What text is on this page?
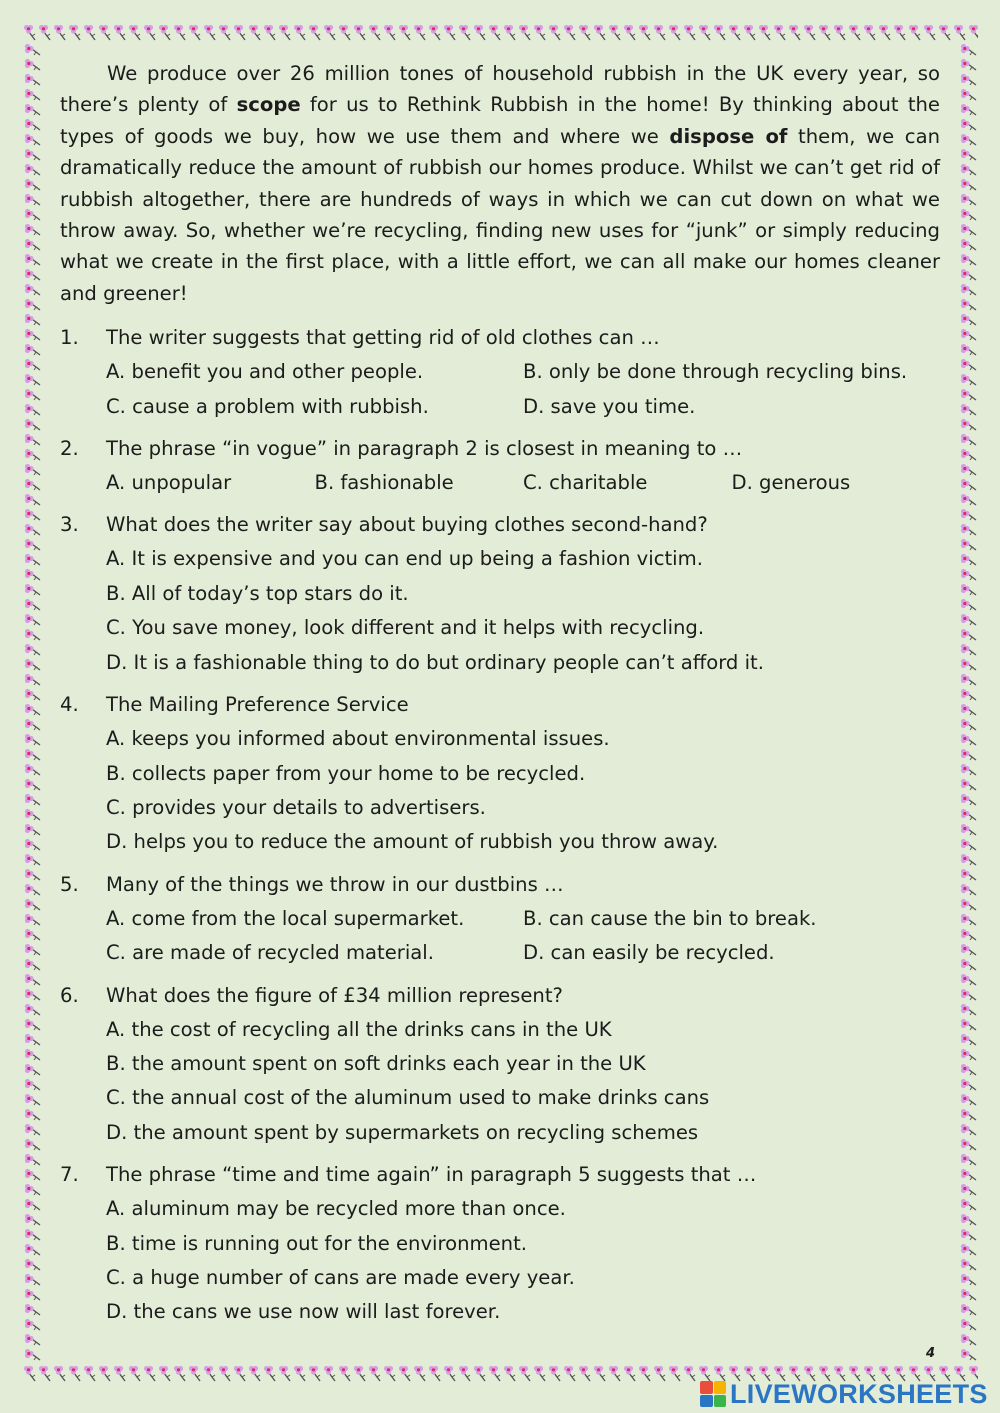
We produce over 26 million tones of household rubbish in the UK every year, so there’s plenty of scope for us to Rethink Rubbish in the home! By thinking about the types of goods we buy, how we use them and where we dispose of them, we can dramatically reduce the amount of rubbish our homes produce. Whilst we can’t get rid of rubbish altogether, there are hundreds of ways in which we can cut down on what we throw away. So, whether we’re recycling, finding new uses for “junk” or simply reducing what we create in the first place, with a little effort, we can all make our homes cleaner and greener!

1.	The writer suggests that getting rid of old clothes can …
A. benefit you and other people.	B. only be done through recycling bins.
C. cause a problem with rubbish.	D. save you time.
2.	The phrase “in vogue” in paragraph 2 is closest in meaning to …
A. unpopular	B. fashionable	C. charitable	D. generous
3.	What does the writer say about buying clothes second-hand?
A. It is expensive and you can end up being a fashion victim.
B. All of today’s top stars do it.
C. You save money, look different and it helps with recycling.
D. It is a fashionable thing to do but ordinary people can’t afford it.
4.	The Mailing Preference Service
A. keeps you informed about environmental issues.
B. collects paper from your home to be recycled.
C. provides your details to advertisers.
D. helps you to reduce the amount of rubbish you throw away.
5.	Many of the things we throw in our dustbins …
A. come from the local supermarket.	B. can cause the bin to break.
C. are made of recycled material.	D. can easily be recycled.
6.	What does the figure of £34 million represent?
A. the cost of recycling all the drinks cans in the UK
B. the amount spent on soft drinks each year in the UK
C. the annual cost of the aluminum used to make drinks cans
D. the amount spent by supermarkets on recycling schemes
7.	The phrase “time and time again” in paragraph 5 suggests that …
A. aluminum may be recycled more than once.
B. time is running out for the environment.
C. a huge number of cans are made every year.
D. the cans we use now will last forever.
4
LIVEWORKSHEETS
